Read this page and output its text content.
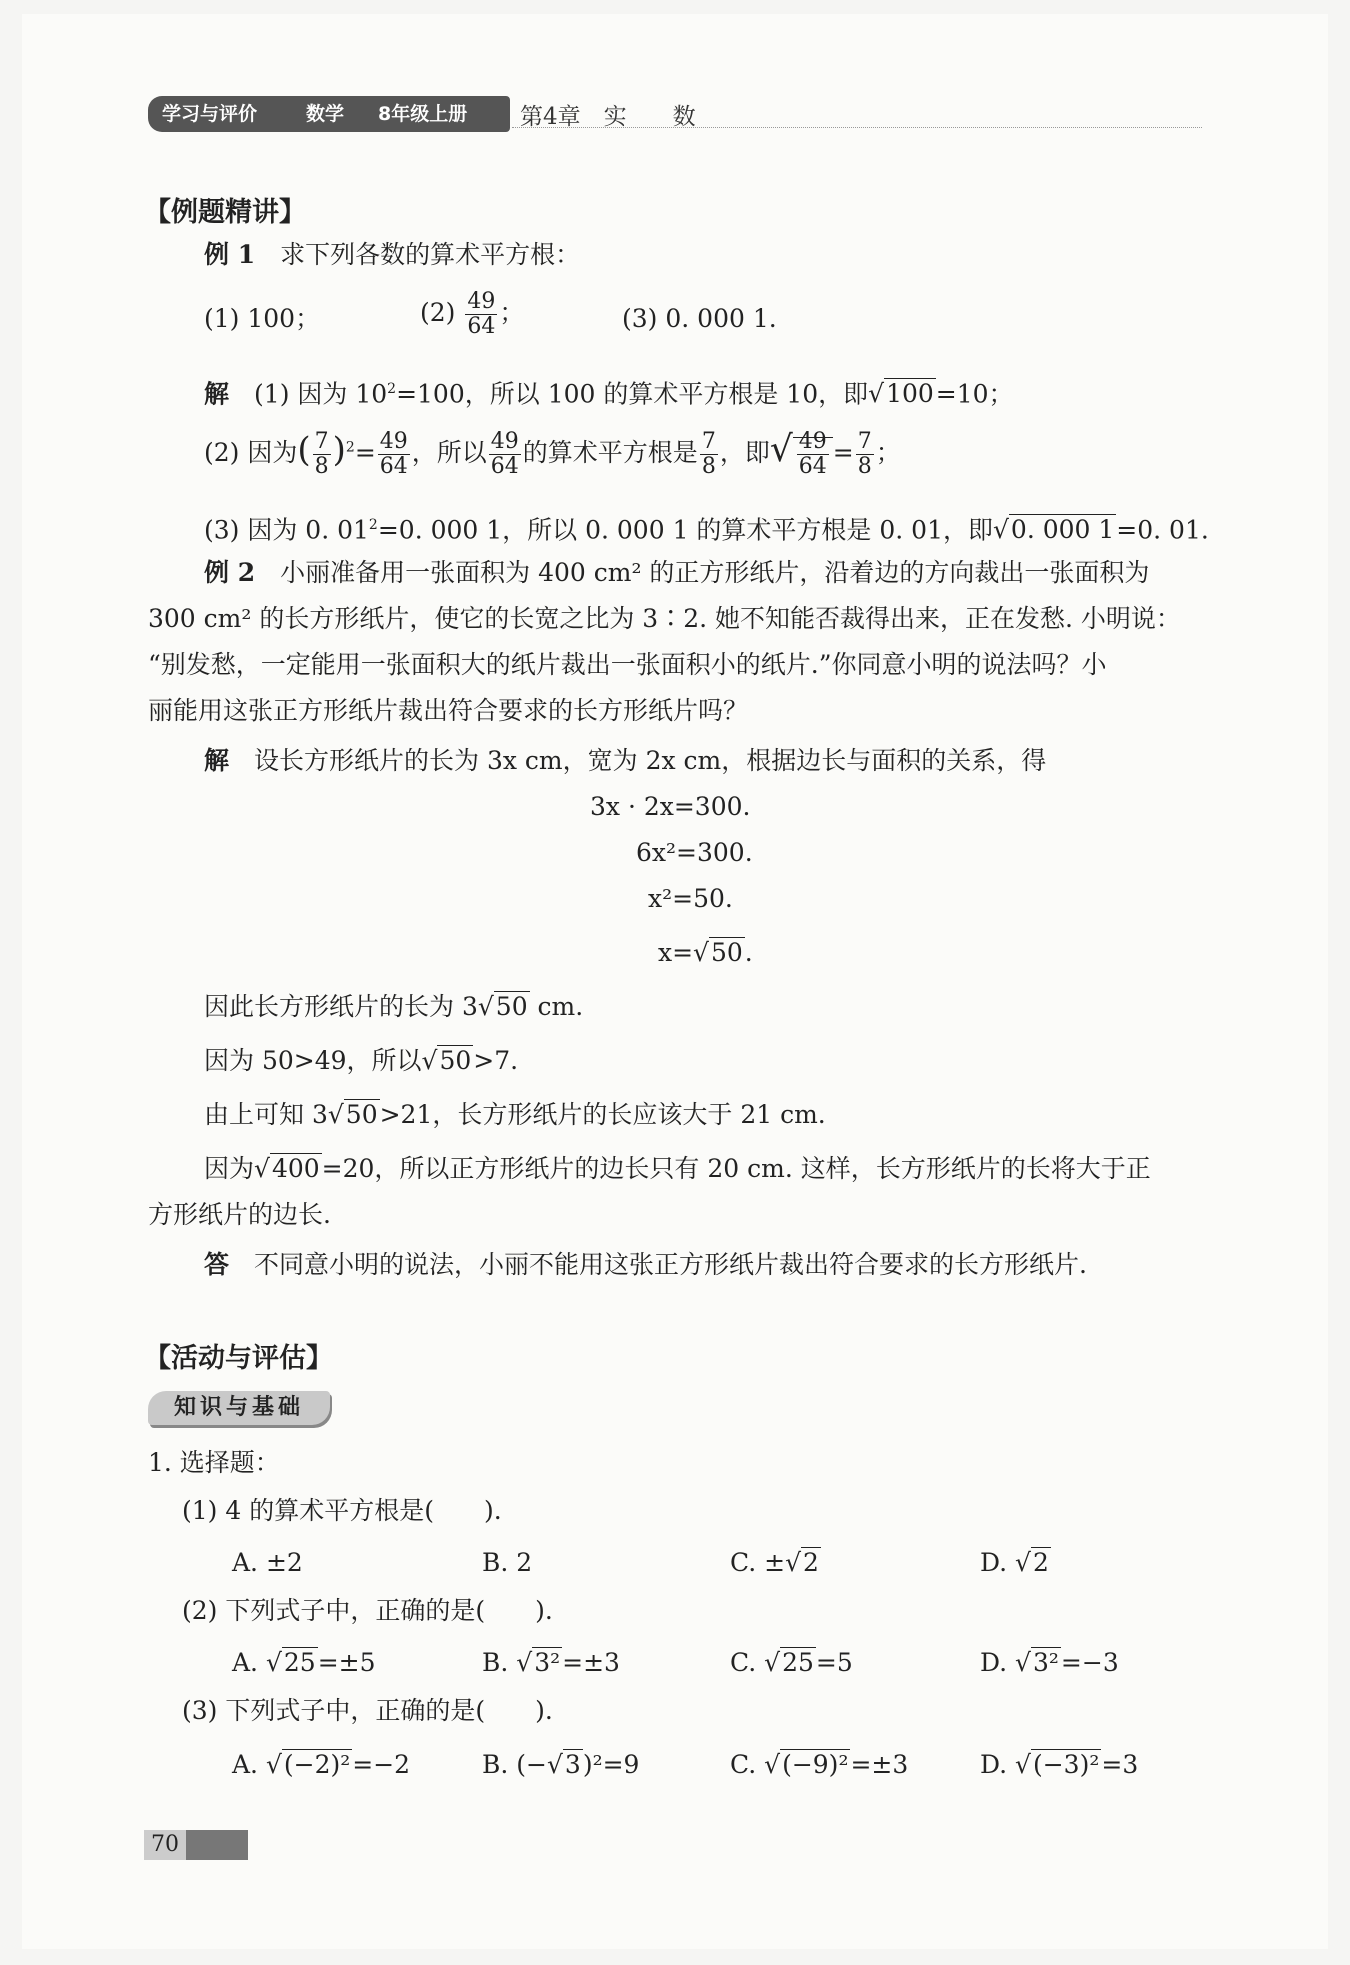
学习与评价	数学 8年级上册 第4章　实　　数
【例题精讲】
例 1　 求下列各数的算术平方根：
(1) 100；	$(2) \frac{49}{64}$ ；	(3) 0. 000 1.
解　 (1) 因为 $10^2=100$，所以 100 的算术平方根是 10，即√100=10；
(2) 因为( $\frac{7}{8} )^2= \frac{49}{64}$ ，所以 $\frac{49}{64}$ 的算术平方根是 $\frac{7}{8}$ ，即√ $\frac{49}{64} = \frac{7}{8}$ ；
(3) 因为 0. $01^2=0$. 000 1，所以 0. 000 1 的算术平方根是 0. 01，即√0. 000 1=0. 01.
例 2　 小丽准备用一张面积为 400 cm² 的正方形纸片，沿着边的方向裁出一张面积为
300 cm² 的长方形纸片，使它的长宽之比为 3∶2. 她不知能否裁得出来，正在发愁. 小明说：
“别发愁，一定能用一张面积大的纸片裁出一张面积小的纸片.”你同意小明的说法吗？小
丽能用这张正方形纸片裁出符合要求的长方形纸片吗？
解　 设长方形纸片的长为 3x cm，宽为 2x cm，根据边长与面积的关系，得
3x · 2x=300.
6x²=300.
x²=50.
x=√50.
因此长方形纸片的长为 3√50 cm.
因为 50>49，所以√50>7.
由上可知 3√50>21，长方形纸片的长应该大于 21 cm.
因为√400=20，所以正方形纸片的边长只有 20 cm. 这样，长方形纸片的长将大于正
方形纸片的边长.
答　 不同意小明的说法，小丽不能用这张正方形纸片裁出符合要求的长方形纸片.
【活动与评估】
知识与基础
1. 选择题：
(1) 4 的算术平方根是(　　).
A. ±2	B. 2	C. ±√2	D. √2
(2) 下列式子中，正确的是(　　).
A. √25=±5	B. √3²=±3	C. √25=5	D. √3²=−3
(3) 下列式子中，正确的是(　　).
A. √(−2)²=−2	B. (−√3)²=9	C. √(−9)²=±3	D. √(−3)²=3
70
